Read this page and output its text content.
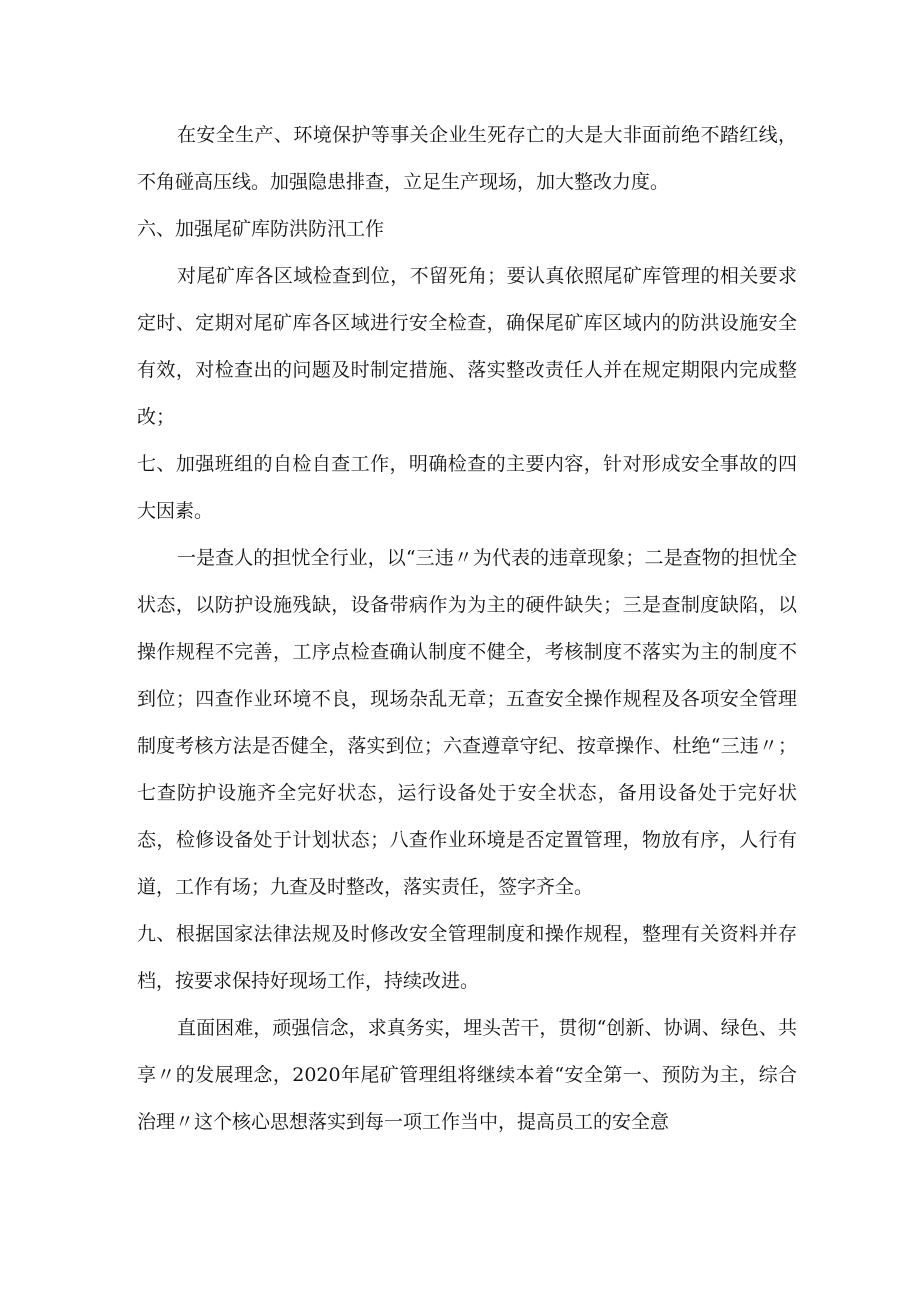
在安全生产、环境保护等事关企业生死存亡的大是大非面前绝不踏红线，不角碰高压线。加强隐患排查，立足生产现场，加大整改力度。

六、加强尾矿库防洪防汛工作

对尾矿库各区域检查到位，不留死角；要认真依照尾矿库管理的相关要求定时、定期对尾矿库各区域进行安全检查，确保尾矿库区域内的防洪设施安全有效，对检查出的问题及时制定措施、落实整改责任人并在规定期限内完成整改；

七、加强班组的自检自查工作，明确检查的主要内容，针对形成安全事故的四大因素。

一是查人的担忧全行业，以“三违〃为代表的违章现象；二是查物的担忧全状态，以防护设施残缺，设备带病作为为主的硬件缺失；三是查制度缺陷，以操作规程不完善，工序点检查确认制度不健全，考核制度不落实为主的制度不到位；四查作业环境不良，现场杂乱无章；五查安全操作规程及各项安全管理制度考核方法是否健全，落实到位；六查遵章守纪、按章操作、杜绝“三违〃；七查防护设施齐全完好状态，运行设备处于安全状态，备用设备处于完好状态，检修设备处于计划状态；八查作业环境是否定置管理，物放有序，人行有道，工作有场；九查及时整改，落实责任，签字齐全。

九、根据国家法律法规及时修改安全管理制度和操作规程，整理有关资料并存档，按要求保持好现场工作，持续改进。

直面困难，顽强信念，求真务实，埋头苦干，贯彻“创新、协调、绿色、共享〃的发展理念，2020年尾矿管理组将继续本着“安全第一、预防为主，综合治理〃这个核心思想落实到每一项工作当中，提高员工的安全意
